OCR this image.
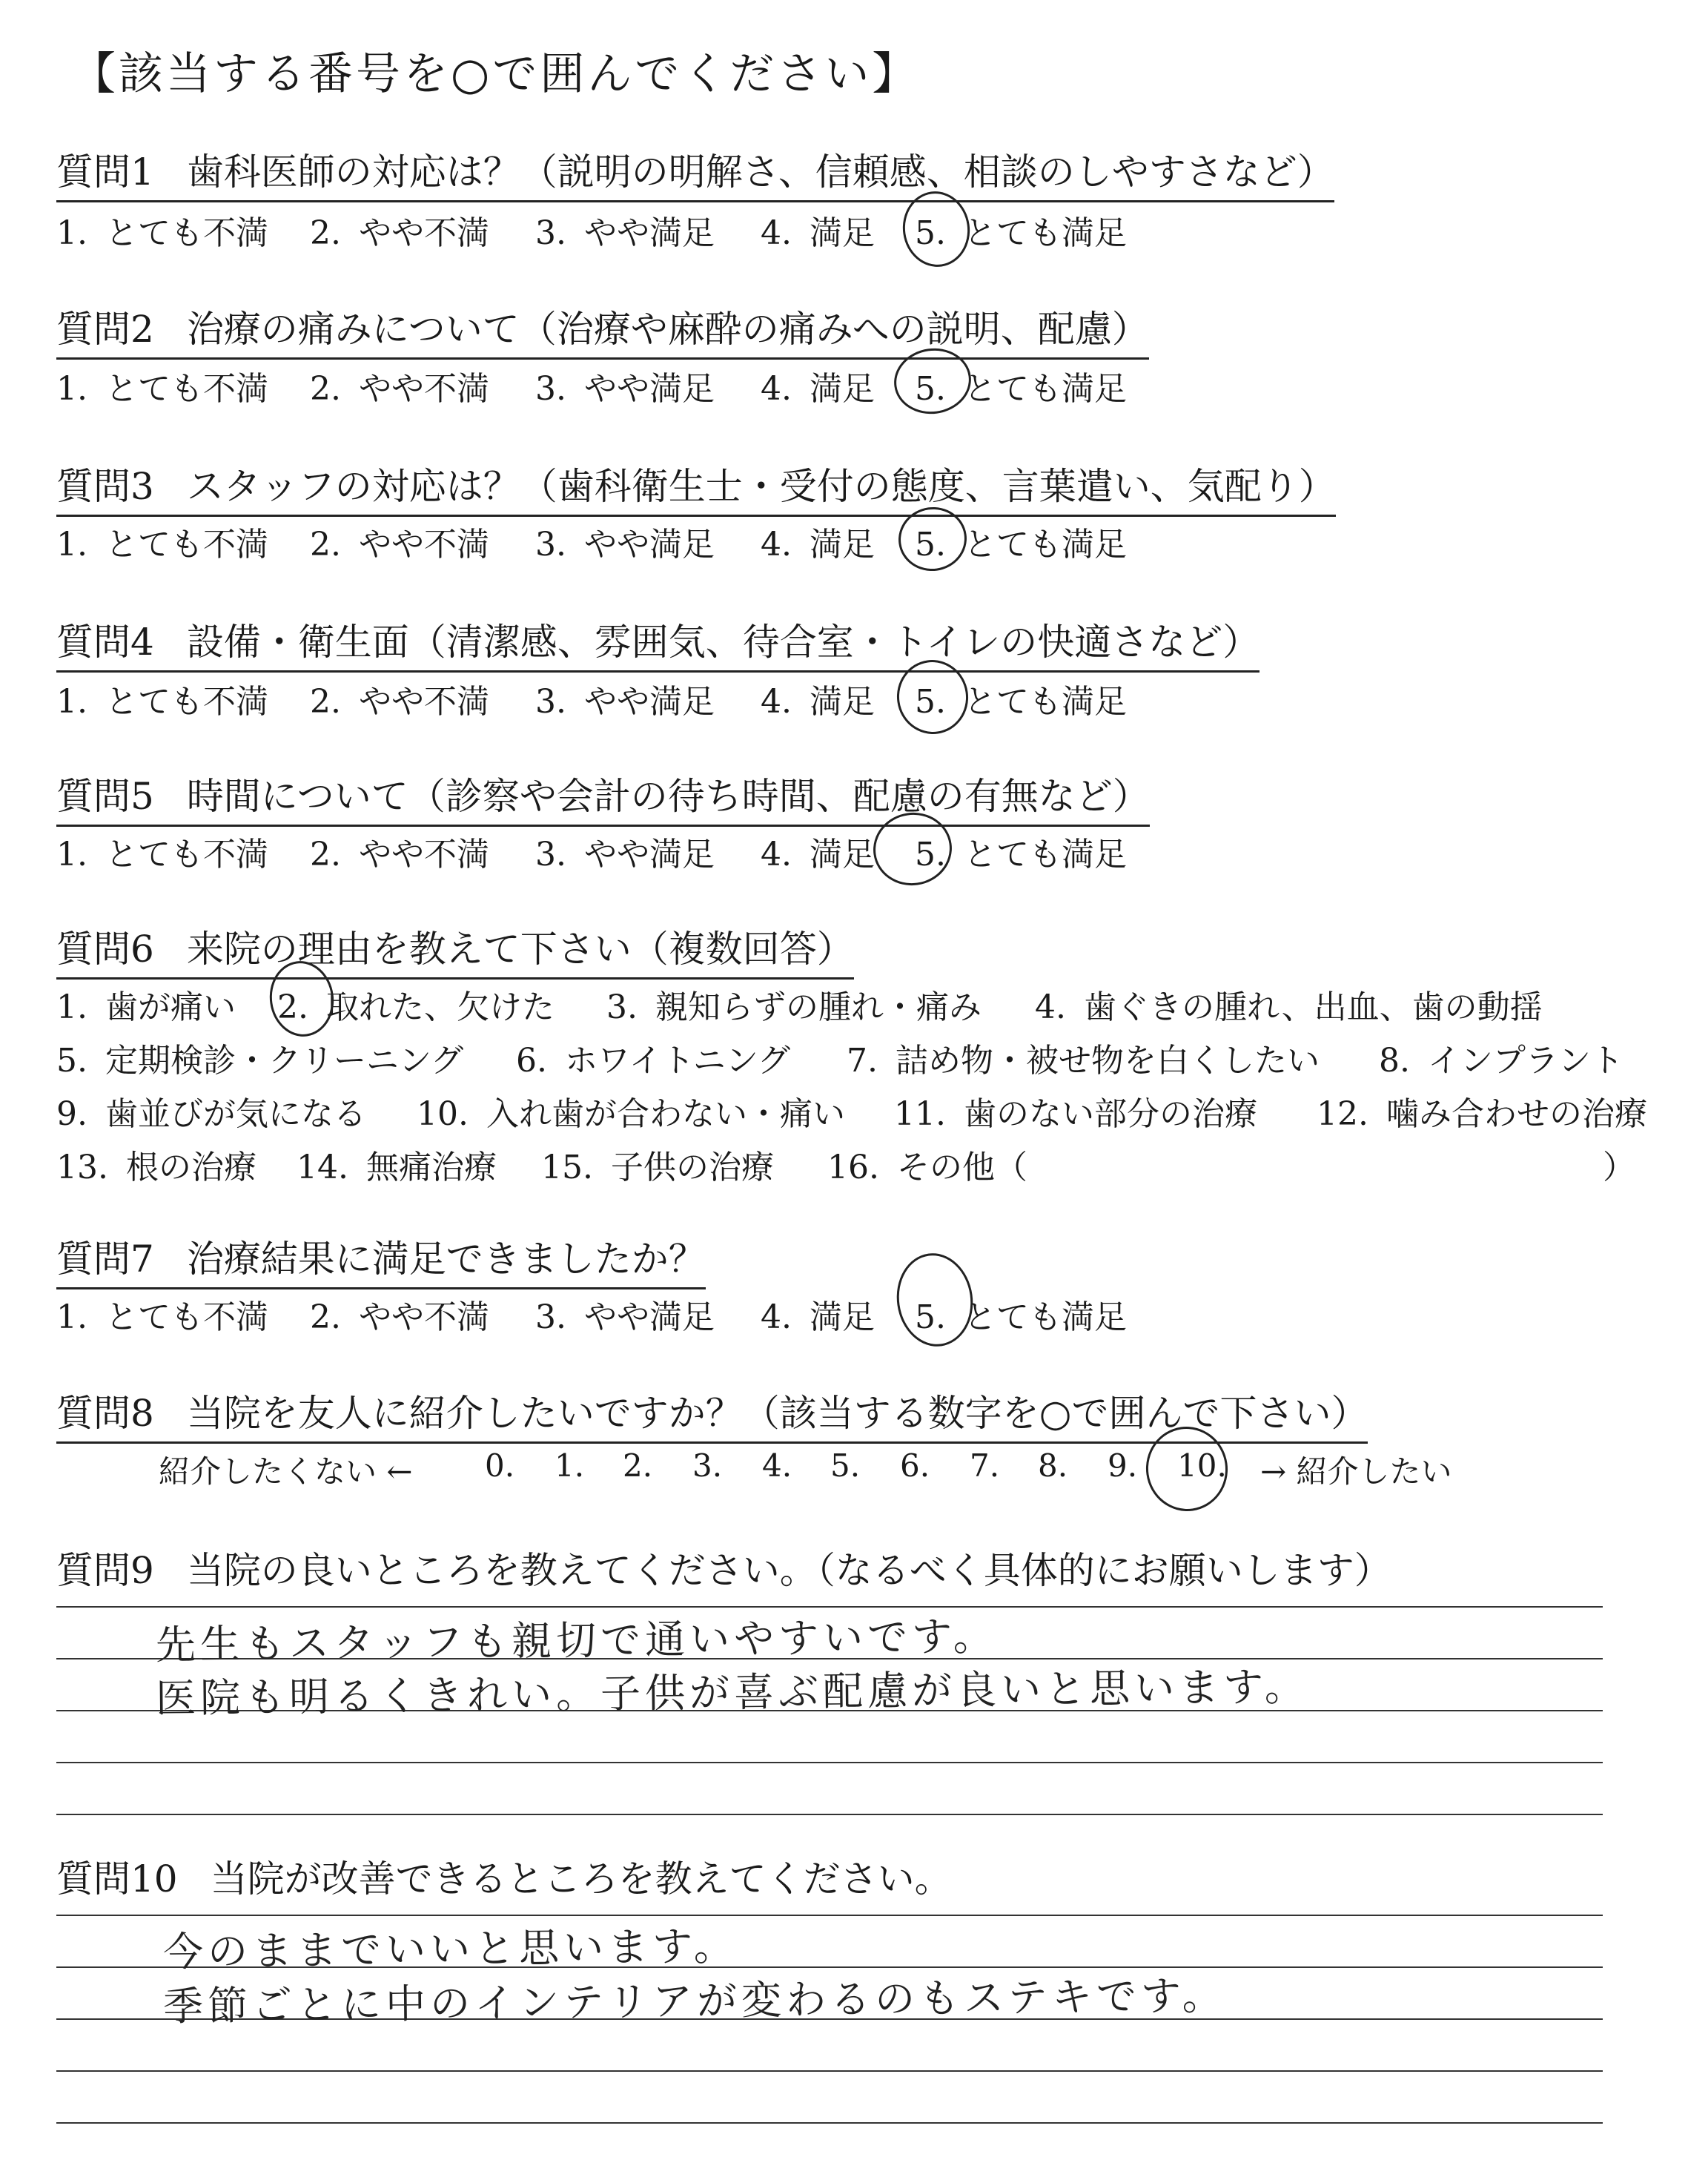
【該当する番号を○で囲んでください】
質問1 歯科医師の対応は？（説明の明解さ、信頼感、相談のしやすさなど）
1. とても不満 2. やや不満 3. やや満足 4. 満足 5. とても満足
質問2 治療の痛みについて（治療や麻酔の痛みへの説明、配慮）
1. とても不満 2. やや不満 3. やや満足 4. 満足 5. とても満足
質問3 スタッフの対応は？（歯科衛生士・受付の態度、言葉遣い、気配り）
1. とても不満 2. やや不満 3. やや満足 4. 満足 5. とても満足
質問4 設備・衛生面（清潔感、雰囲気、待合室・トイレの快適さなど）
1. とても不満 2. やや不満 3. やや満足 4. 満足 5. とても満足
質問5 時間について（診察や会計の待ち時間、配慮の有無など）
1. とても不満 2. やや不満 3. やや満足 4. 満足 5. とても満足
質問6 来院の理由を教えて下さい（複数回答）
1. 歯が痛い 2. 取れた、欠けた 3. 親知らずの腫れ・痛み 4. 歯ぐきの腫れ、出血、歯の動揺
5. 定期検診・クリーニング 6. ホワイトニング 7. 詰め物・被せ物を白くしたい 8. インプラント
9. 歯並びが気になる 10. 入れ歯が合わない・痛い 11. 歯のない部分の治療 12. 噛み合わせの治療
13. 根の治療 14. 無痛治療 15. 子供の治療 16. その他（	）
質問7 治療結果に満足できましたか？
1. とても不満 2. やや不満 3. やや満足 4. 満足 5. とても満足
質問8 当院を友人に紹介したいですか？（該当する数字を○で囲んで下さい）
紹介したくない ← 0. 1. 2. 3. 4. 5. 6. 7. 8. 9. 10. → 紹介したい
質問9 当院の良いところを教えてください。（なるべく具体的にお願いします）
先生もスタッフも親切で通いやすいです。
医院も明るくきれい。子供が喜ぶ配慮が良いと思います。
質問10 当院が改善できるところを教えてください。
今のままでいいと思います。
季節ごとに中のインテリアが変わるのもステキです。
